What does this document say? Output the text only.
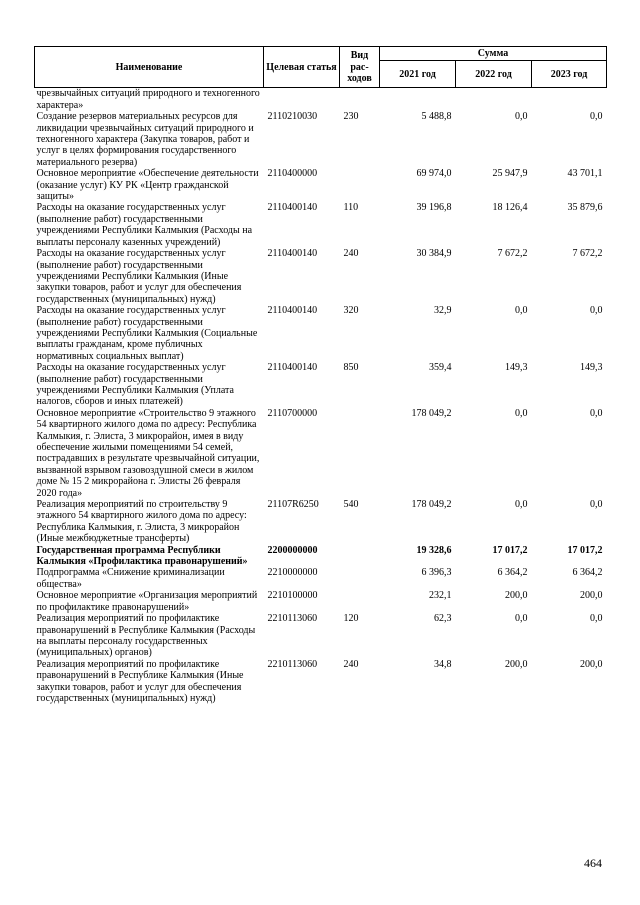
Наименование	Целевая статья	Вид рас-ходов	Сумма		
			2021 год	2022 год	2023 год
чрезвычайных ситуаций природного и техногенного характера»					
Создание резервов материальных ресурсов для ликвидации чрезвычайных ситуаций природного и техногенного характера (Закупка товаров, работ и услуг в целях формирования государственного материального резерва)	2110210030	230	5 488,8	0,0	0,0
Основное мероприятие «Обеспечение деятельности (оказание услуг) КУ РК «Центр гражданской защиты»	2110400000		69 974,0	25 947,9	43 701,1
Расходы на оказание государственных услуг (выполнение работ) государственными учреждениями Республики Калмыкия (Расходы на выплаты персоналу казенных учреждений)	2110400140	110	39 196,8	18 126,4	35 879,6
Расходы на оказание государственных услуг (выполнение работ) государственными учреждениями Республики Калмыкия (Иные закупки товаров, работ и услуг для обеспечения государственных (муниципальных) нужд)	2110400140	240	30 384,9	7 672,2	7 672,2
Расходы на оказание государственных услуг (выполнение работ) государственными учреждениями Республики Калмыкия (Социальные выплаты гражданам, кроме публичных нормативных социальных выплат)	2110400140	320	32,9	0,0	0,0
Расходы на оказание государственных услуг (выполнение работ) государственными учреждениями Республики Калмыкия (Уплата налогов, сборов и иных платежей)	2110400140	850	359,4	149,3	149,3
Основное мероприятие «Строительство 9 этажного 54 квартирного жилого дома по адресу: Республика Калмыкия, г. Элиста, 3 микрорайон, имея в виду обеспечение жилыми помещениями 54 семей, пострадавших в результате чрезвычайной ситуации, вызванной взрывом газовоздушной смеси в жилом доме № 15 2 микрорайона г. Элисты 26 февраля 2020 года»	2110700000		178 049,2	0,0	0,0
Реализация мероприятий по строительству 9 этажного 54 квартирного жилого дома по адресу: Республика Калмыкия, г. Элиста, 3 микрорайон (Иные межбюджетные трансферты)	21107R6250	540	178 049,2	0,0	0,0
Государственная программа Республики Калмыкия «Профилактика правонарушений»	2200000000		19 328,6	17 017,2	17 017,2
Подпрограмма «Снижение криминализации общества»	2210000000		6 396,3	6 364,2	6 364,2
Основное мероприятие «Организация мероприятий по профилактике правонарушений»	2210100000		232,1	200,0	200,0
Реализация мероприятий по профилактике правонарушений в Республике Калмыкия (Расходы на выплаты персоналу государственных (муниципальных) органов)	2210113060	120	62,3	0,0	0,0
Реализация мероприятий по профилактике правонарушений в Республике Калмыкия (Иные закупки товаров, работ и услуг для обеспечения государственных (муниципальных) нужд)	2210113060	240	34,8	200,0	200,0
464
